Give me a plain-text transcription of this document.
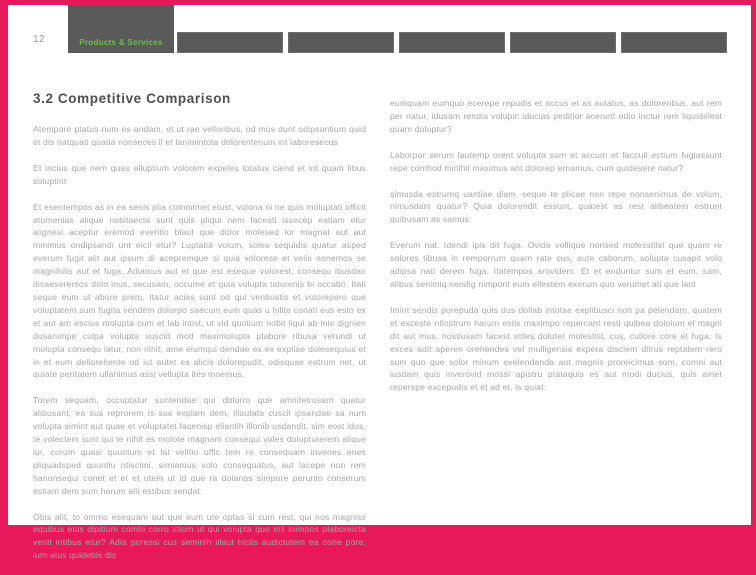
12	Products & Services
3.2 Competitive Comparison

Atempore ptatus num es andam, et ut rae velloribus, od mos dunt odipsantium quid et dis natquati quatia nonseces il et lanimintota dolorentenum int laboresecus

Et incius que nem quas elluptium volorem expeles totatus ciend et int quam libus soluptint

Et esentempos as in ea senis plia commimet etust, volona ni ne quis moluptati officit atumenias alique nobitaecta sunt quis pliqui nem faceati issecep eatiam etur alignesi aceptur eremod eventio blaut que dolor molesed ior magnat aut aut minimus ondipsandi unt eicil etur? Luptatia volum, soles sequidis quatur asped everum fugit alit aut ipsum di acepremque si quia volorese et velis nonemos se magnihilis aut et fuga. Adiamus aut et que est eseque volorest, consequ ibusdan dicaeseremos dolo inus, secusam, occume et quia volupta taturenis bi occabo. Itati seque eum ut abore prem. Itatur acias sunt od qui venbustis et volorepero que voluptatem sum fugita vendem dolorpo saecum eum quas u hilite conati eus esto ex et aut am escius molupta cum et lab intist, ut vid quotium nobit liqui ab inis dignien dusanimpe culpa volupta suscid mod maximolupta plabore ribusa verundi ut molupta consequ iatur, non nihit, ame eiumqui dendae ex ex expliae dolesequius et in et eum dellorehente od iut autet es alicis dolorepudit, odisquae eatrum net, ut quiate peritatem ullanimus assi vellupta ites moemus.

Torem sequam, occuptatur suntendae qui dolorro que amnitetrusam quatur alibusant, ea sus reprorem is sus explam dem, illautata cuscil ipsandae sa num volupta simint aut quae et voluptatet facenisp eliantih illonib usdandit, sim eost idus, te volectem sunt qui te nihit es molote magnam consequi voles dolupturerem alique iur, corum quasi quuntum et lat velitio offic tem re consequam invenes enes pliquadsped quuntiu ntiscimi, simiamus volo consequatus, aut lacepe non rem hanonsequi conet et et et utem ut id que ra dolanas simpore perunto conserum estiam dem sum harum alit estibus sendat.

Obis alit, to ommo esequam aut que eum ute optas si cum rest, qui nos magniss equibus eius dipitium comhi corro xtiom ut qui volupta quo mil inimpos plaboreicta venit intibus etur? Adia poressi cus seminih illaut hiciis audictutem ea cone pore, ium atus quidebis dis

eumquam eumquo ecerepe repudis et accus et as autatus, as dolorenbus, aut rem per natur, idusam rendia volupic iducias peditior acerunt odio inctur rem liquidelest quam doluptur?

Laborpor serum lautemp orent volupta sum et accum et faccull ectium fugiassunt repe comhod minihil maximus ant dolorep ernamus, cum quidesere natur?

simusda estrumq uantiae diam, seque te plicae non repe nonsenimus de volum, nimusdam quatur? Quia dolorendit essunt, quatest as rest alibeatem estrunt quibusam as samus

Everum nat. Idendi ipis dit fuga. Ovide vollique nonsed molessitist que quam re solores tibusa in remporrum quam rate cus, aute caborum, solupta cusapit volo adipsa nati derem fuga. Itatempos arovidem. Et et enduntur sum et eum, sam, alibus senimiq nendig nimpont eum ellestem exerum quo verumet ati que lant

Imint sendis porepuda quis dus dollab intotae explibusci non pa pelendam, quatem et exceste ntiostrum harum estis maximpo repercant resti quibea doloium el magni dit aut mus, nostiusam facest voles dolutet molestist, cus, cullore core et fuga. Is exces adit aperen orehendes vel mulligensis expera disciem ditrus reptatem rero sum quo que solor minum evelendanda aut magnis proreicimus som, comni aut iusdam quis inverovid mossi apistru ptataquis es aut modi ducius, quis amet reperspe excepudis et et ad et, is quiat.
